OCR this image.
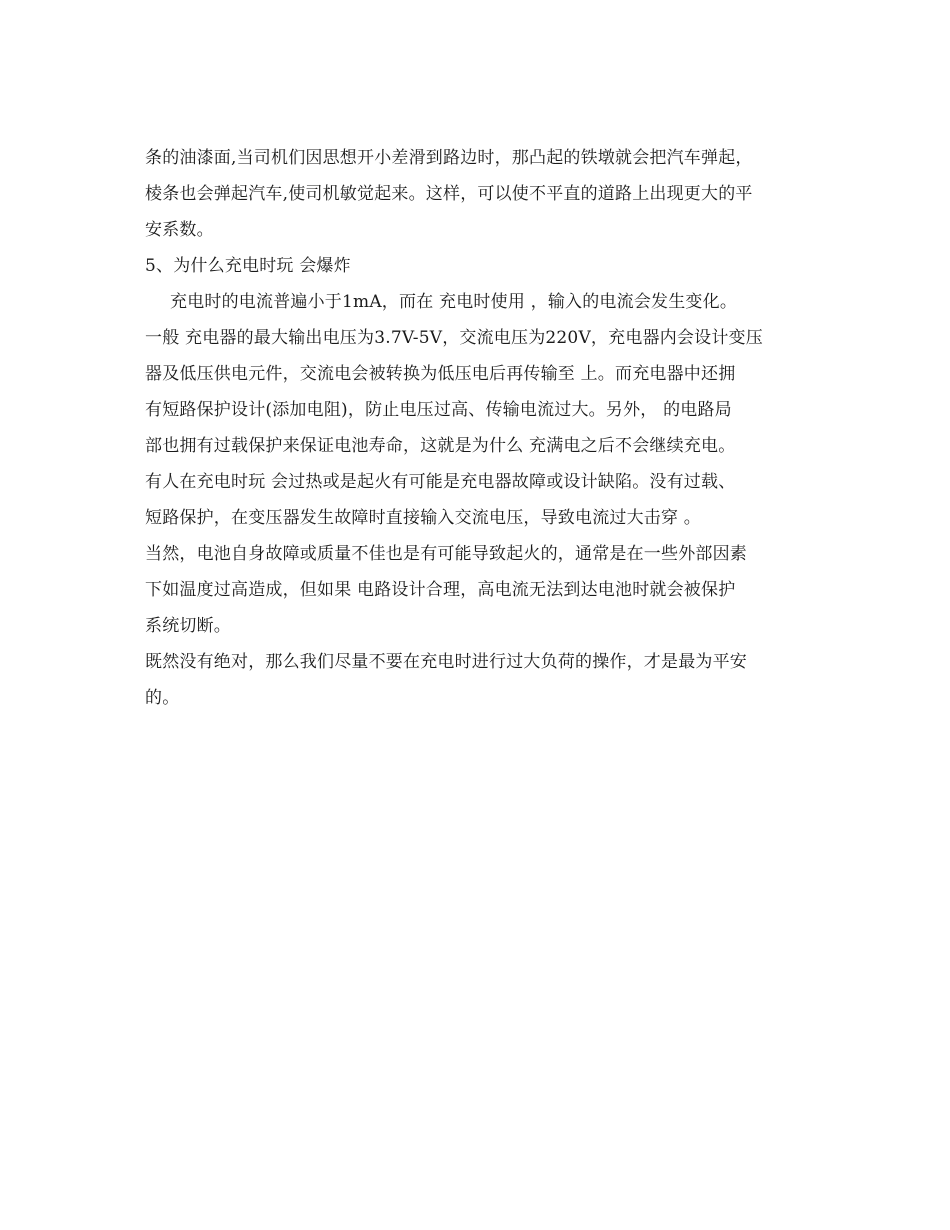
条的油漆面,当司机们因思想开小差滑到路边时，那凸起的铁墩就会把汽车弹起，
棱条也会弹起汽车,使司机敏觉起来。这样，可以使不平直的道路上出现更大的平
安系数。
5、为什么充电时玩 会爆炸
充电时的电流普遍小于1mA，而在 充电时使用 ，输入的电流会发生变化。
一般 充电器的最大输出电压为3.7V-5V，交流电压为220V，充电器内会设计变压
器及低压供电元件，交流电会被转换为低压电后再传输至 上。而充电器中还拥
有短路保护设计(添加电阻)，防止电压过高、传输电流过大。另外， 的电路局
部也拥有过载保护来保证电池寿命，这就是为什么 充满电之后不会继续充电。
有人在充电时玩 会过热或是起火有可能是充电器故障或设计缺陷。没有过载、
短路保护，在变压器发生故障时直接输入交流电压，导致电流过大击穿 。
当然，电池自身故障或质量不佳也是有可能导致起火的，通常是在一些外部因素
下如温度过高造成，但如果 电路设计合理，高电流无法到达电池时就会被保护
系统切断。
既然没有绝对，那么我们尽量不要在充电时进行过大负荷的操作，才是最为平安
的。
